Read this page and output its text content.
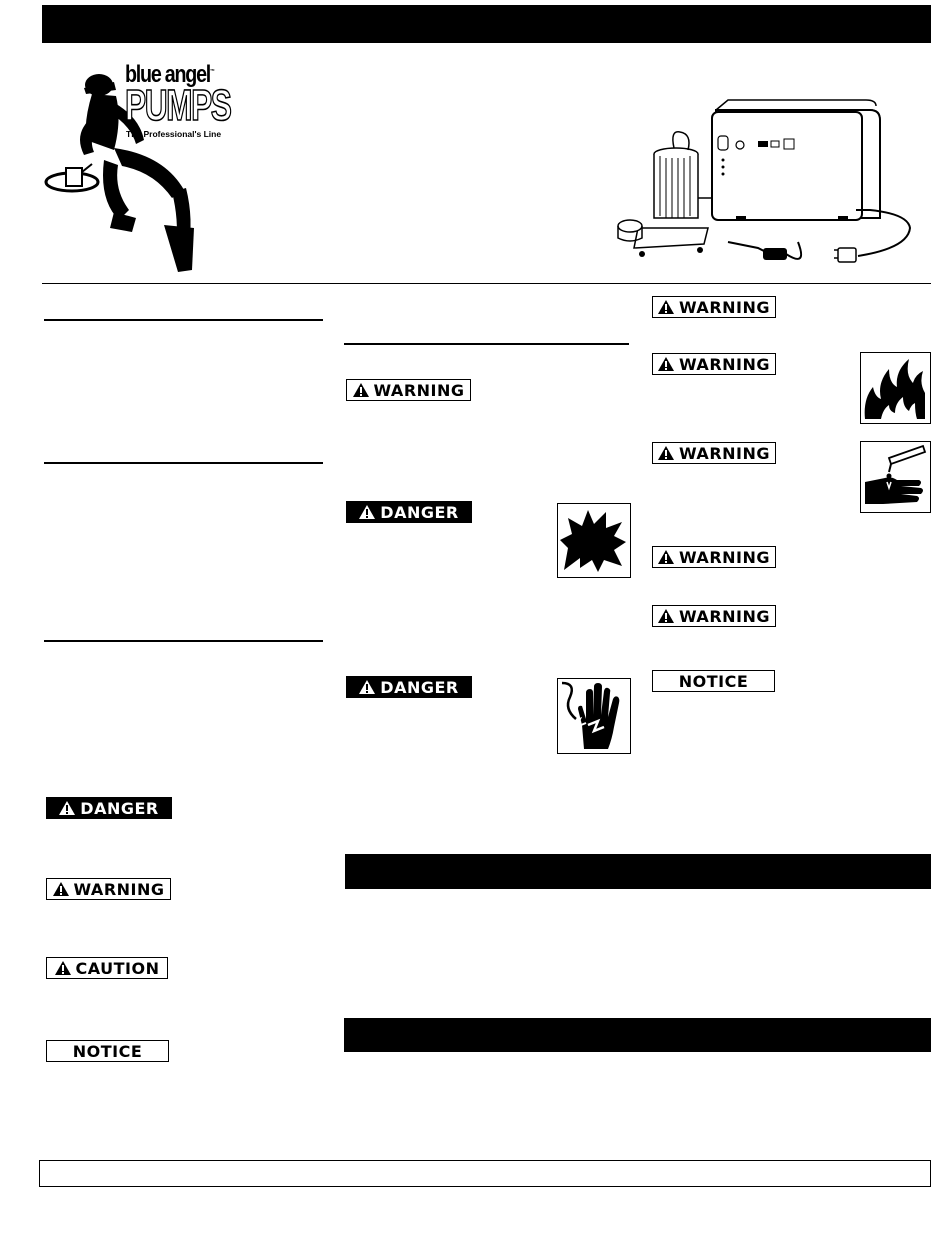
blue angel™
PUMPS
The Professional's Line
DANGER
WARNING
CAUTION
NOTICE
WARNING
DANGER
DANGER
WARNING
WARNING
WARNING
WARNING
WARNING
NOTICE
